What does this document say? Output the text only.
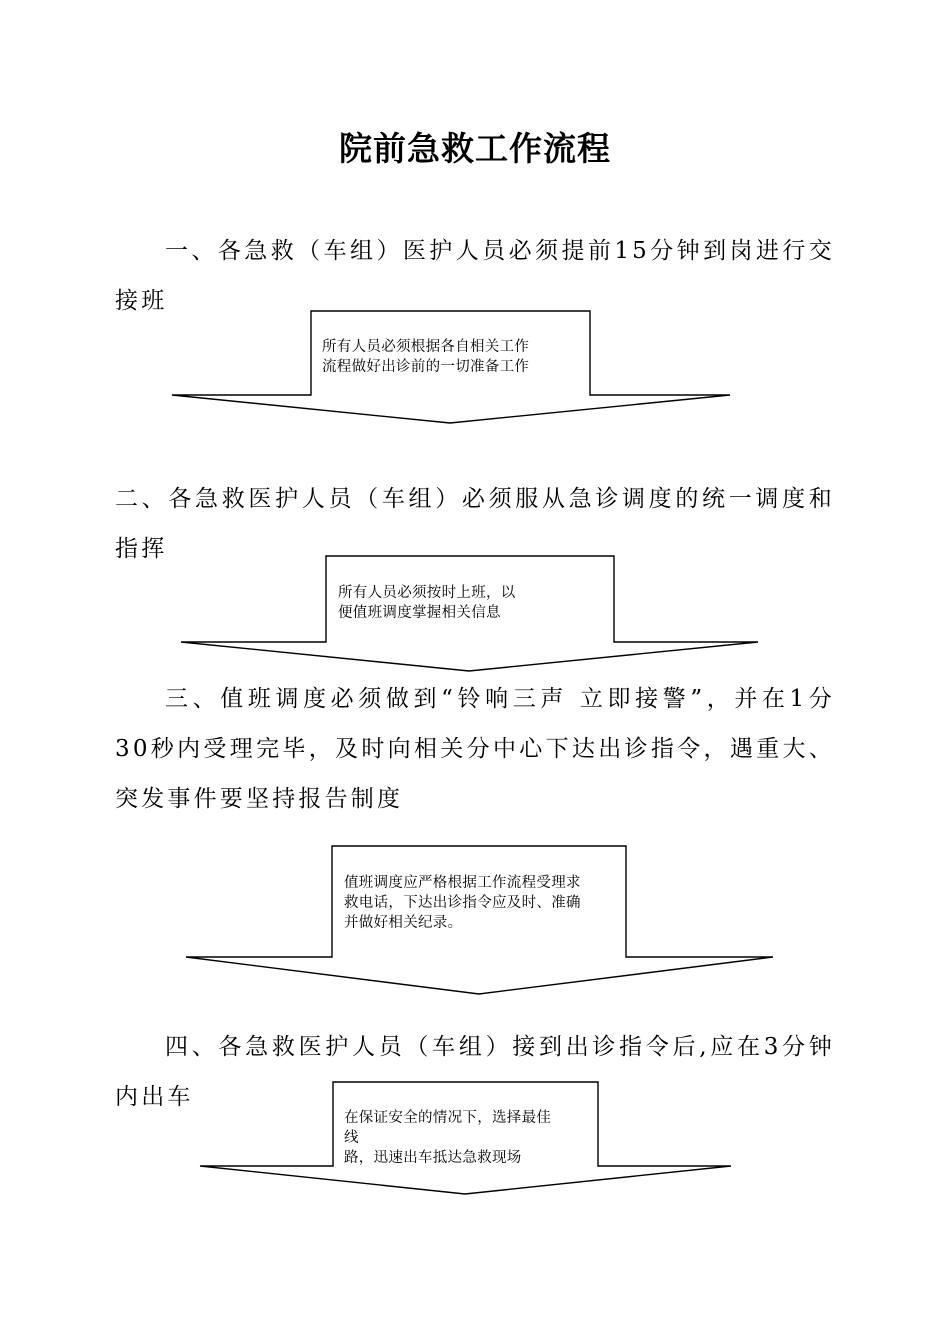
院前急救工作流程

一、各急救（车组）医护人员必须提前15分钟到岗进行交接班

所有人员必须根据各自相关工作
流程做好出诊前的一切准备工作

二、各急救医护人员（车组）必须服从急诊调度的统一调度和指挥

所有人员必须按时上班，以
便值班调度掌握相关信息

三、值班调度必须做到“铃响三声 立即接警”，并在1分30秒内受理完毕，及时向相关分中心下达出诊指令，遇重大、突发事件要坚持报告制度

值班调度应严格根据工作流程受理求
救电话，下达出诊指令应及时、准确
并做好相关纪录。

四、各急救医护人员（车组）接到出诊指令后,应在3分钟内出车

在保证安全的情况下，选择最佳
线
路，迅速出车抵达急救现场
